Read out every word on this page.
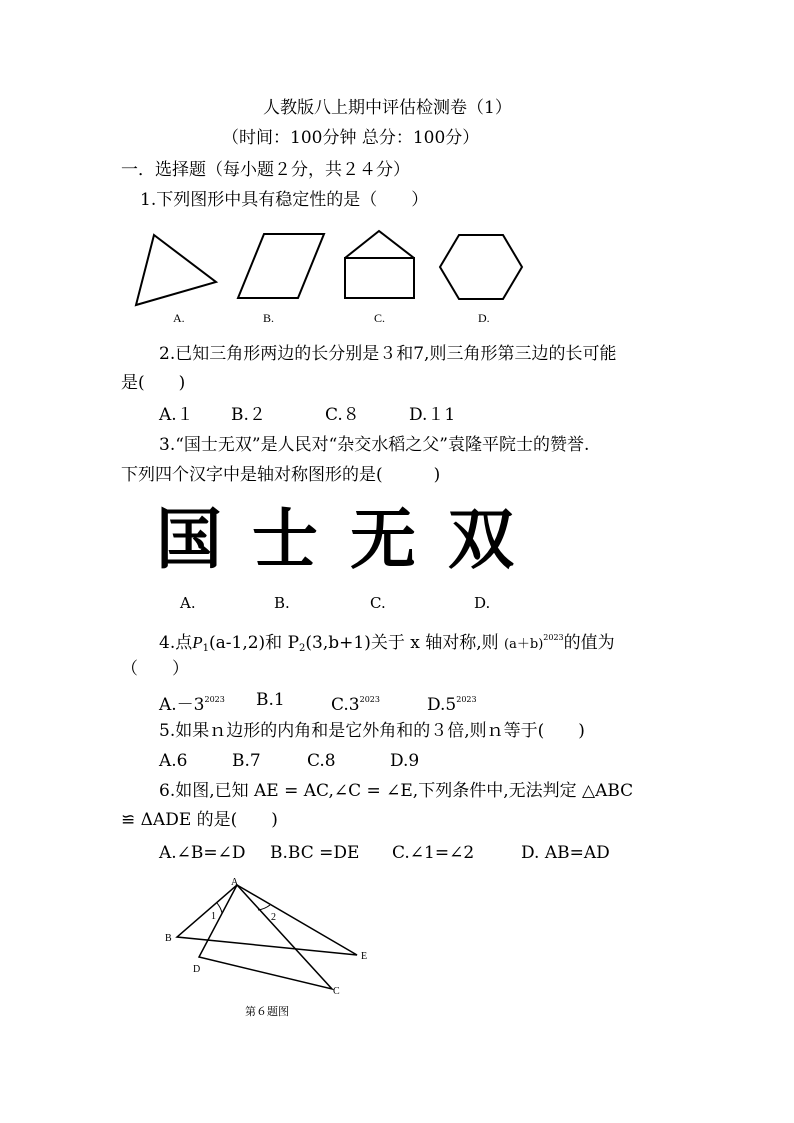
人教版八上期中评估检测卷（1）
（时间：100分钟 总分：100分）
一．选择题（每小题２分，共２４分）
1.下列图形中具有稳定性的是（　　）
A.	B.	C.	D.
2.已知三角形两边的长分别是３和7,则三角形第三边的长可能
是(　　)
A.１ B.２	C.８	D.１1
3.“国士无双”是人民对“杂交水稻之父”袁隆平院士的赞誉.
下列四个汉字中是轴对称图形的是(　　　)
国 士 无 双
A.	B.	C.	D.
4.点$P_1(a-1,2)$和 $P_2(3,b+1)$关于 x 轴对称,则 $(a+b)^{2023}$的值为
（　　）
$A.-3^{2023}$ B.1	$C.3^{2023}$	$D.5^{2023}$
5.如果ｎ边形的内角和是它外角和的３倍,则ｎ等于(　　)
A.6	B.7	C.8	D.9
6.如图,已知 AE = AC,∠C = ∠E,下列条件中,无法判定 △ABC
≌ ΔADE 的是(　　)
A.∠B=∠D B.BC =DE C.∠1=∠2	D. AB=AD
A
B
D
E
C
1	2
第６题图
